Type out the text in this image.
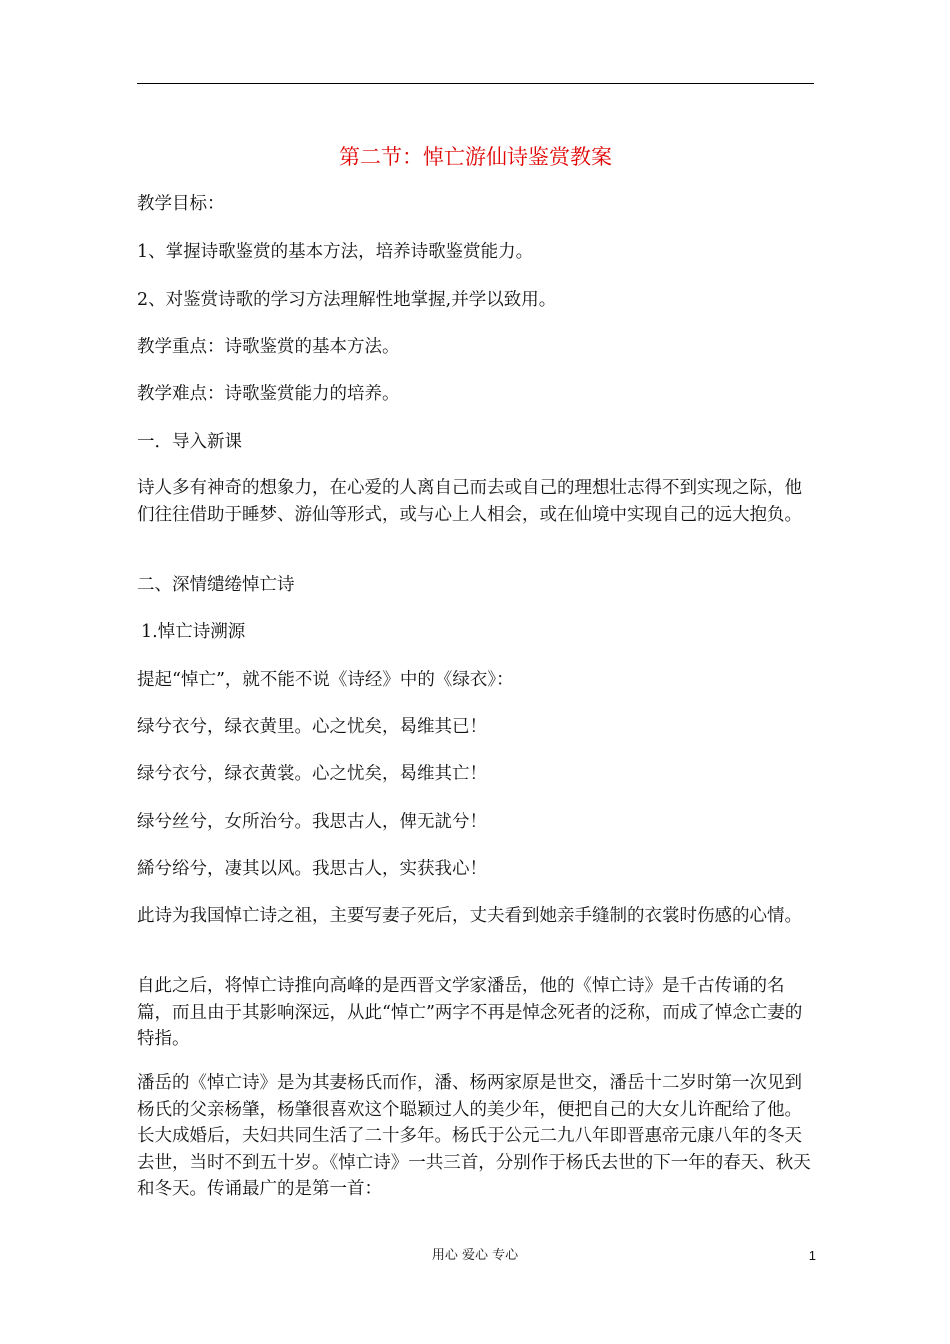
第二节：悼亡游仙诗鉴赏教案
教学目标：
1、掌握诗歌鉴赏的基本方法，培养诗歌鉴赏能力。
2、对鉴赏诗歌的学习方法理解性地掌握,并学以致用。
教学重点：诗歌鉴赏的基本方法。
教学难点：诗歌鉴赏能力的培养。
一．导入新课
诗人多有神奇的想象力，在心爱的人离自己而去或自己的理想壮志得不到实现之际，他们往往借助于睡梦、游仙等形式，或与心上人相会，或在仙境中实现自己的远大抱负。
二、深情缱绻悼亡诗
1.悼亡诗溯源
提起“悼亡”，就不能不说《诗经》中的《绿衣》：
绿兮衣兮，绿衣黄里。心之忧矣，曷维其已！
绿兮衣兮，绿衣黄裳。心之忧矣，曷维其亡！
绿兮丝兮，女所治兮。我思古人，俾无訧兮！
絺兮绤兮，凄其以风。我思古人，实获我心！
此诗为我国悼亡诗之祖，主要写妻子死后，丈夫看到她亲手缝制的衣裳时伤感的心情。
自此之后，将悼亡诗推向高峰的是西晋文学家潘岳，他的《悼亡诗》是千古传诵的名篇，而且由于其影响深远，从此“悼亡”两字不再是悼念死者的泛称，而成了悼念亡妻的特指。
潘岳的《悼亡诗》是为其妻杨氏而作，潘、杨两家原是世交，潘岳十二岁时第一次见到杨氏的父亲杨肇，杨肇很喜欢这个聪颖过人的美少年，便把自己的大女儿许配给了他。长大成婚后，夫妇共同生活了二十多年。杨氏于公元二九八年即晋惠帝元康八年的冬天去世，当时不到五十岁。《悼亡诗》一共三首，分别作于杨氏去世的下一年的春天、秋天和冬天。传诵最广的是第一首：
用心 爱心 专心	1
